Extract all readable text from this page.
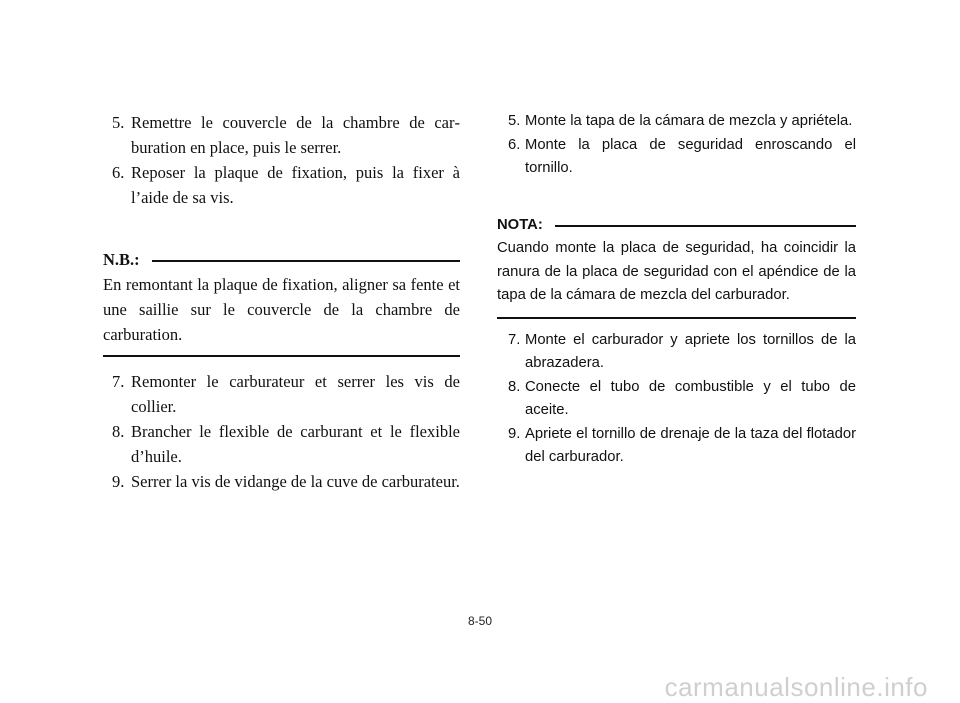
5. Remettre le couvercle de la chambre de carburation en place, puis le serrer.
6. Reposer la plaque de fixation, puis la fixer à l’aide de sa vis.
N.B.:

En remontant la plaque de fixation, aligner sa fente et une saillie sur le couvercle de la chambre de carburation.

7. Remonter le carburateur et serrer les vis de collier.
8. Brancher le flexible de carburant et le flexible d’huile.
9. Serrer la vis de vidange de la cuve de carburateur.
5. Monte la tapa de la cámara de mezcla y apriétela.
6. Monte la placa de seguridad enroscando el tornillo.
NOTA:

Cuando monte la placa de seguridad, ha coincidir la ranura de la placa de seguridad con el apéndice de la tapa de la cámara de mezcla del carburador.

7. Monte el carburador y apriete los tornillos de la abrazadera.
8. Conecte el tubo de combustible y el tubo de aceite.
9. Apriete el tornillo de drenaje de la taza del flotador del carburador.
8-50
carmanualsonline.info
